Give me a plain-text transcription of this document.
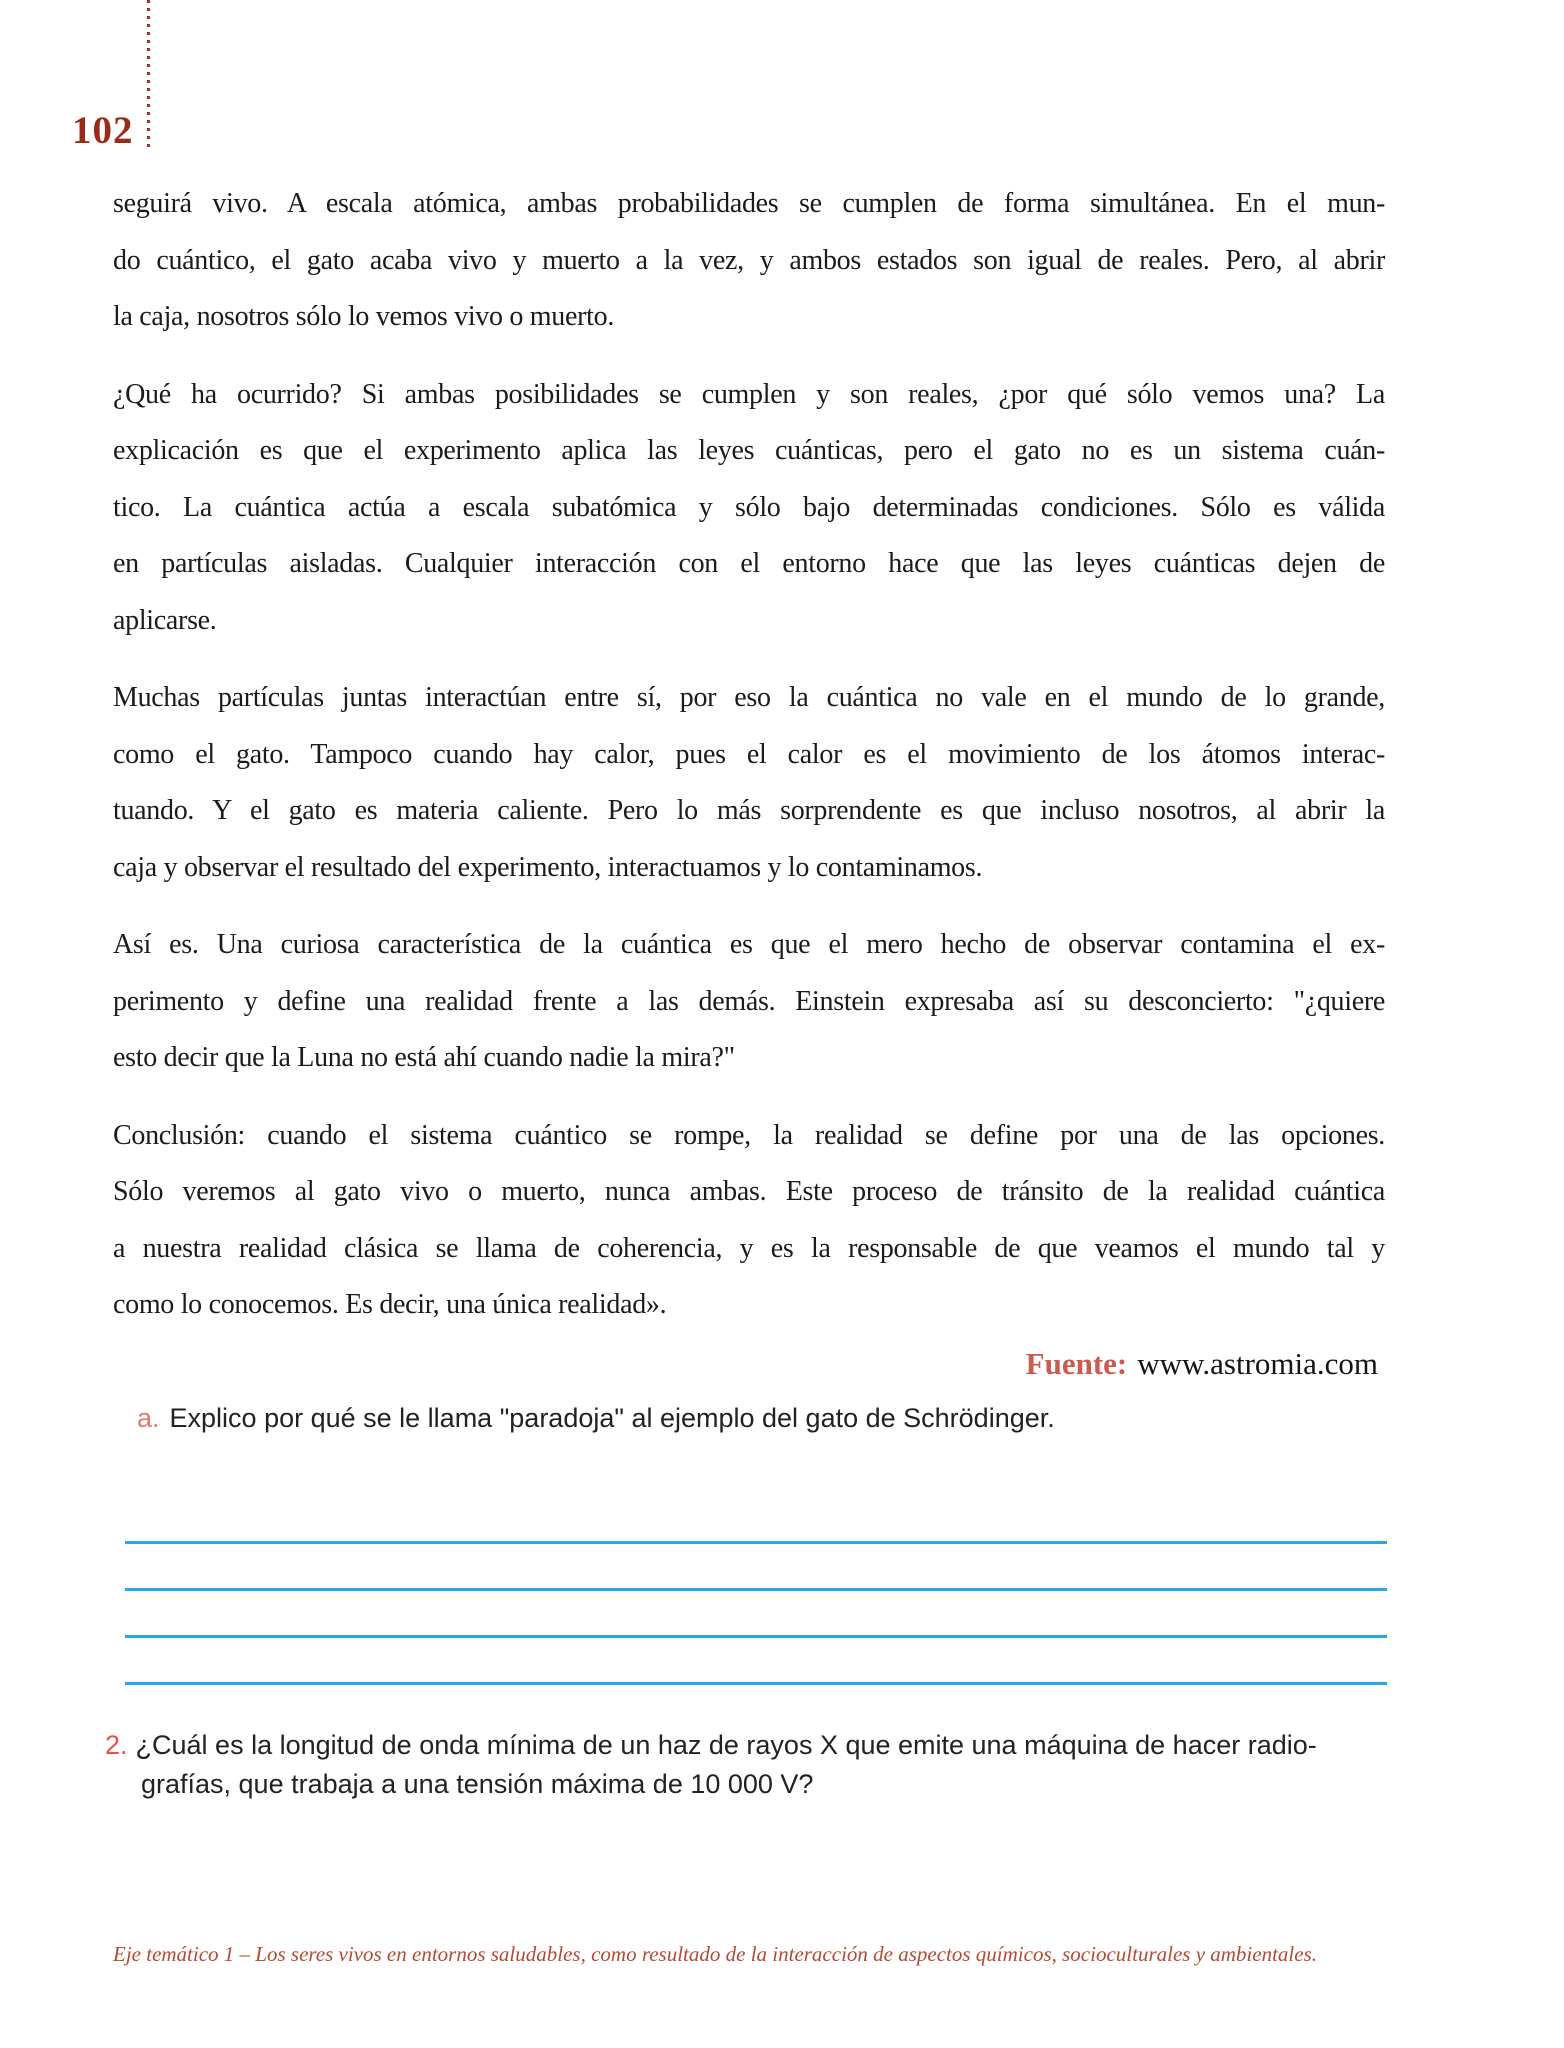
102
seguirá vivo. A escala atómica, ambas probabilidades se cumplen de forma simultánea. En el mun-
do cuántico, el gato acaba vivo y muerto a la vez, y ambos estados son igual de reales. Pero, al abrir
la caja, nosotros sólo lo vemos vivo o muerto.
¿Qué ha ocurrido? Si ambas posibilidades se cumplen y son reales, ¿por qué sólo vemos una? La
explicación es que el experimento aplica las leyes cuánticas, pero el gato no es un sistema cuán-
tico. La cuántica actúa a escala subatómica y sólo bajo determinadas condiciones. Sólo es válida
en partículas aisladas. Cualquier interacción con el entorno hace que las leyes cuánticas dejen de
aplicarse.
Muchas partículas juntas interactúan entre sí, por eso la cuántica no vale en el mundo de lo grande,
como el gato. Tampoco cuando hay calor, pues el calor es el movimiento de los átomos interac-
tuando. Y el gato es materia caliente. Pero lo más sorprendente es que incluso nosotros, al abrir la
caja y observar el resultado del experimento, interactuamos y lo contaminamos.
Así es. Una curiosa característica de la cuántica es que el mero hecho de observar contamina el ex-
perimento y define una realidad frente a las demás. Einstein expresaba así su desconcierto: "¿quiere
esto decir que la Luna no está ahí cuando nadie la mira?"
Conclusión: cuando el sistema cuántico se rompe, la realidad se define por una de las opciones.
Sólo veremos al gato vivo o muerto, nunca ambas. Este proceso de tránsito de la realidad cuántica
a nuestra realidad clásica se llama de coherencia, y es la responsable de que veamos el mundo tal y
como lo conocemos. Es decir, una única realidad».
Fuente: www.astromia.com
a. Explico por qué se le llama "paradoja" al ejemplo del gato de Schrödinger.
2. ¿Cuál es la longitud de onda mínima de un haz de rayos X que emite una máquina de hacer radio-
grafías, que trabaja a una tensión máxima de 10 000 V?
Eje temático 1 – Los seres vivos en entornos saludables, como resultado de la interacción de aspectos químicos, socioculturales y ambientales.
